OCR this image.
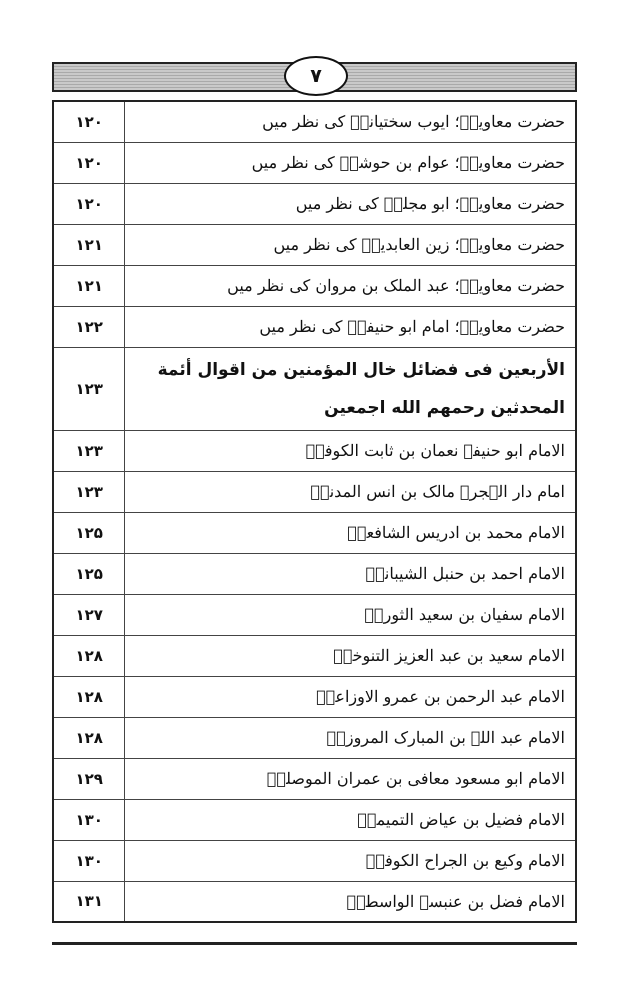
۷
۱۲۰	حضرت معاویہؓ؛ ایوب سختیانیؒ کی نظر میں
۱۲۰	حضرت معاویہؓ؛ عوام بن حوشبؒ کی نظر میں
۱۲۰	حضرت معاویہؓ؛ ابو مجلزؒ کی نظر میں
۱۲۱	حضرت معاویہؓ؛ زین العابدینؒ کی نظر میں
۱۲۱	حضرت معاویہؓ؛ عبد الملک بن مروان کی نظر میں
۱۲۲	حضرت معاویہؓ؛ امام ابو حنیفہؒ کی نظر میں
۱۲۳	الأربعين فى فضائل خال المؤمنين من اقوال أئمة المحدثين رحمهم الله اجمعين
۱۲۳	الامام ابو حنیفہ نعمان بن ثابت الکوفیؒ
۱۲۳	امام دار الہجرۃ مالک بن انس المدنیؒ
۱۲۵	الامام محمد بن ادریس الشافعیؒ
۱۲۵	الامام احمد بن حنبل الشیبانیؒ
۱۲۷	الامام سفیان بن سعید الثوریؒ
۱۲۸	الامام سعید بن عبد العزیز التنوخیؒ
۱۲۸	الامام عبد الرحمن بن عمرو الاوزاعیؒ
۱۲۸	الامام عبد اللہ بن المبارک المروزیؒ
۱۲۹	الامام ابو مسعود معافی بن عمران الموصلیؒ
۱۳۰	الامام فضیل بن عیاض التمیمیؒ
۱۳۰	الامام وکیع بن الجراح الکوفیؒ
۱۳۱	الامام فضل بن عنبسۃ الواسطیؒ
